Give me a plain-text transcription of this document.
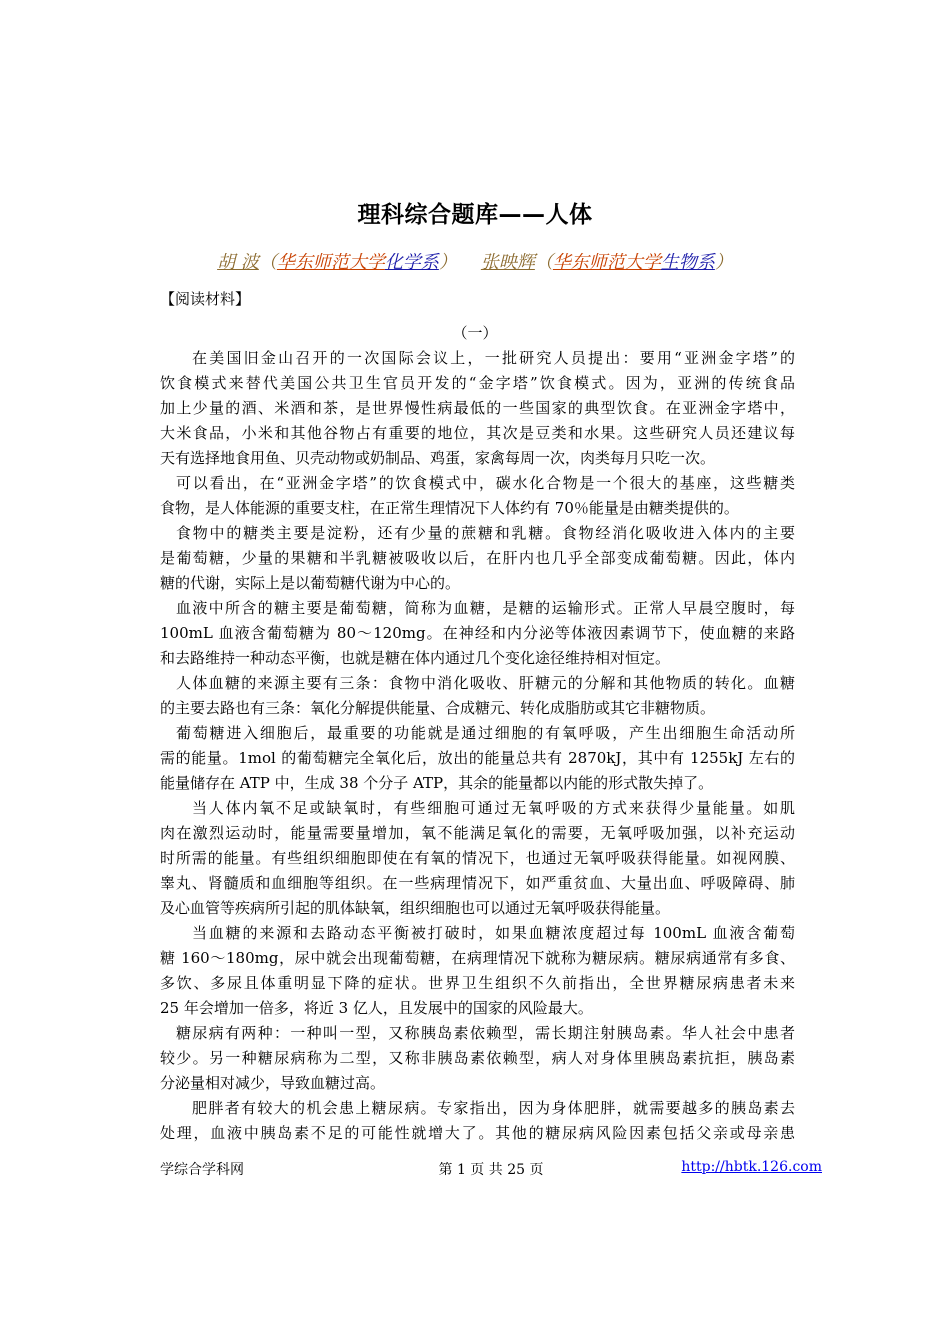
理科综合题库——人体
胡 波（华东师范大学化学系） 张映辉（华东师范大学生物系）
【阅读材料】
（一）
在美国旧金山召开的一次国际会议上，一批研究人员提出：要用“亚洲金字塔”的
饮食模式来替代美国公共卫生官员开发的“金字塔”饮食模式。因为，亚洲的传统食品
加上少量的酒、米酒和茶，是世界慢性病最低的一些国家的典型饮食。在亚洲金字塔中，
大米食品，小米和其他谷物占有重要的地位，其次是豆类和水果。这些研究人员还建议每
天有选择地食用鱼、贝壳动物或奶制品、鸡蛋，家禽每周一次，肉类每月只吃一次。
可以看出，在“亚洲金字塔”的饮食模式中，碳水化合物是一个很大的基座，这些糖类
食物，是人体能源的重要支柱，在正常生理情况下人体约有 70％能量是由糖类提供的。
食物中的糖类主要是淀粉，还有少量的蔗糖和乳糖。食物经消化吸收进入体内的主要
是葡萄糖，少量的果糖和半乳糖被吸收以后，在肝内也几乎全部变成葡萄糖。因此，体内
糖的代谢，实际上是以葡萄糖代谢为中心的。
血液中所含的糖主要是葡萄糖，简称为血糖，是糖的运输形式。正常人早晨空腹时，每
100mL 血液含葡萄糖为 80～120mg。在神经和内分泌等体液因素调节下，使血糖的来路
和去路维持一种动态平衡，也就是糖在体内通过几个变化途径维持相对恒定。
人体血糖的来源主要有三条：食物中消化吸收、肝糖元的分解和其他物质的转化。血糖
的主要去路也有三条：氧化分解提供能量、合成糖元、转化成脂肪或其它非糖物质。
葡萄糖进入细胞后，最重要的功能就是通过细胞的有氧呼吸，产生出细胞生命活动所
需的能量。1mol 的葡萄糖完全氧化后，放出的能量总共有 2870kJ，其中有 1255kJ 左右的
能量储存在 ATP 中，生成 38 个分子 ATP，其余的能量都以内能的形式散失掉了。
当人体内氧不足或缺氧时，有些细胞可通过无氧呼吸的方式来获得少量能量。如肌
肉在激烈运动时，能量需要量增加，氧不能满足氧化的需要，无氧呼吸加强，以补充运动
时所需的能量。有些组织细胞即使在有氧的情况下，也通过无氧呼吸获得能量。如视网膜、
睾丸、肾髓质和血细胞等组织。在一些病理情况下，如严重贫血、大量出血、呼吸障碍、肺
及心血管等疾病所引起的肌体缺氧，组织细胞也可以通过无氧呼吸获得能量。
当血糖的来源和去路动态平衡被打破时，如果血糖浓度超过每 100mL 血液含葡萄
糖 160～180mg，尿中就会出现葡萄糖，在病理情况下就称为糖尿病。糖尿病通常有多食、
多饮、多尿且体重明显下降的症状。世界卫生组织不久前指出，全世界糖尿病患者未来
25 年会增加一倍多，将近 3 亿人，且发展中的国家的风险最大。
糖尿病有两种：一种叫一型，又称胰岛素依赖型，需长期注射胰岛素。华人社会中患者
较少。另一种糖尿病称为二型，又称非胰岛素依赖型，病人对身体里胰岛素抗拒，胰岛素
分泌量相对减少，导致血糖过高。
肥胖者有较大的机会患上糖尿病。专家指出，因为身体肥胖，就需要越多的胰岛素去
处理，血液中胰岛素不足的可能性就增大了。其他的糖尿病风险因素包括父亲或母亲患
学综合学科网	第 1 页 共 25 页	http://hbtk.126.com
